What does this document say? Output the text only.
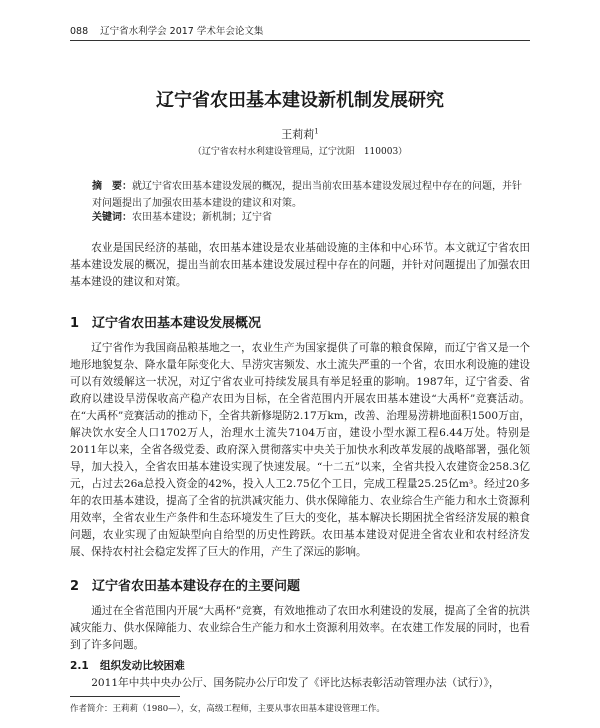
088 辽宁省水利学会 2017 学术年会论文集
辽宁省农田基本建设新机制发展研究
王莉莉$^1$
（辽宁省农村水利建设管理局，辽宁沈阳　110003）
摘　要：就辽宁省农田基本建设发展的概况，提出当前农田基本建设发展过程中存在的问题，并针对问题提出了加强农田基本建设的建议和对策。
关键词：农田基本建设；新机制；辽宁省
农业是国民经济的基础，农田基本建设是农业基础设施的主体和中心环节。本文就辽宁省农田基本建设发展的概况，提出当前农田基本建设发展过程中存在的问题，并针对问题提出了加强农田基本建设的建议和对策。
1 辽宁省农田基本建设发展概况
辽宁省作为我国商品粮基地之一，农业生产为国家提供了可靠的粮食保障，而辽宁省又是一个地形地貌复杂、降水量年际变化大、旱涝灾害频发、水土流失严重的一个省，农田水利设施的建设可以有效缓解这一状况，对辽宁省农业可持续发展具有举足轻重的影响。1987年，辽宁省委、省政府以建设旱涝保收高产稳产农田为目标，在全省范围内开展农田基本建设“大禹杯”竞赛活动。在“大禹杯”竞赛活动的推动下，全省共新修堤防2.17万km，改善、治理易涝耕地面积1500万亩，解决饮水安全人口1702万人，治理水土流失7104万亩，建设小型水源工程6.44万处。特别是2011年以来，全省各级党委、政府深入贯彻落实中央关于加快水利改革发展的战略部署，强化领导，加大投入，全省农田基本建设实现了快速发展。“十二五”以来，全省共投入农建资金258.3亿元，占过去26a总投入资金的42%，投入人工2.75亿个工日，完成工程量25.25亿m³。经过20多年的农田基本建设，提高了全省的抗洪减灾能力、供水保障能力、农业综合生产能力和水土资源利用效率，全省农业生产条件和生态环境发生了巨大的变化，基本解决长期困扰全省经济发展的粮食问题，农业实现了由短缺型向自给型的历史性跨跃。农田基本建设对促进全省农业和农村经济发展、保持农村社会稳定发挥了巨大的作用，产生了深远的影响。
2 辽宁省农田基本建设存在的主要问题
通过在全省范围内开展“大禹杯”竞赛，有效地推动了农田水利建设的发展，提高了全省的抗洪减灾能力、供水保障能力、农业综合生产能力和水土资源利用效率。在农建工作发展的同时，也看到了许多问题。
2.1 组织发动比较困难
2011年中共中央办公厅、国务院办公厅印发了《评比达标表彰活动管理办法（试行）》，
作者简介：王莉莉（1980—），女，高级工程师，主要从事农田基本建设管理工作。
